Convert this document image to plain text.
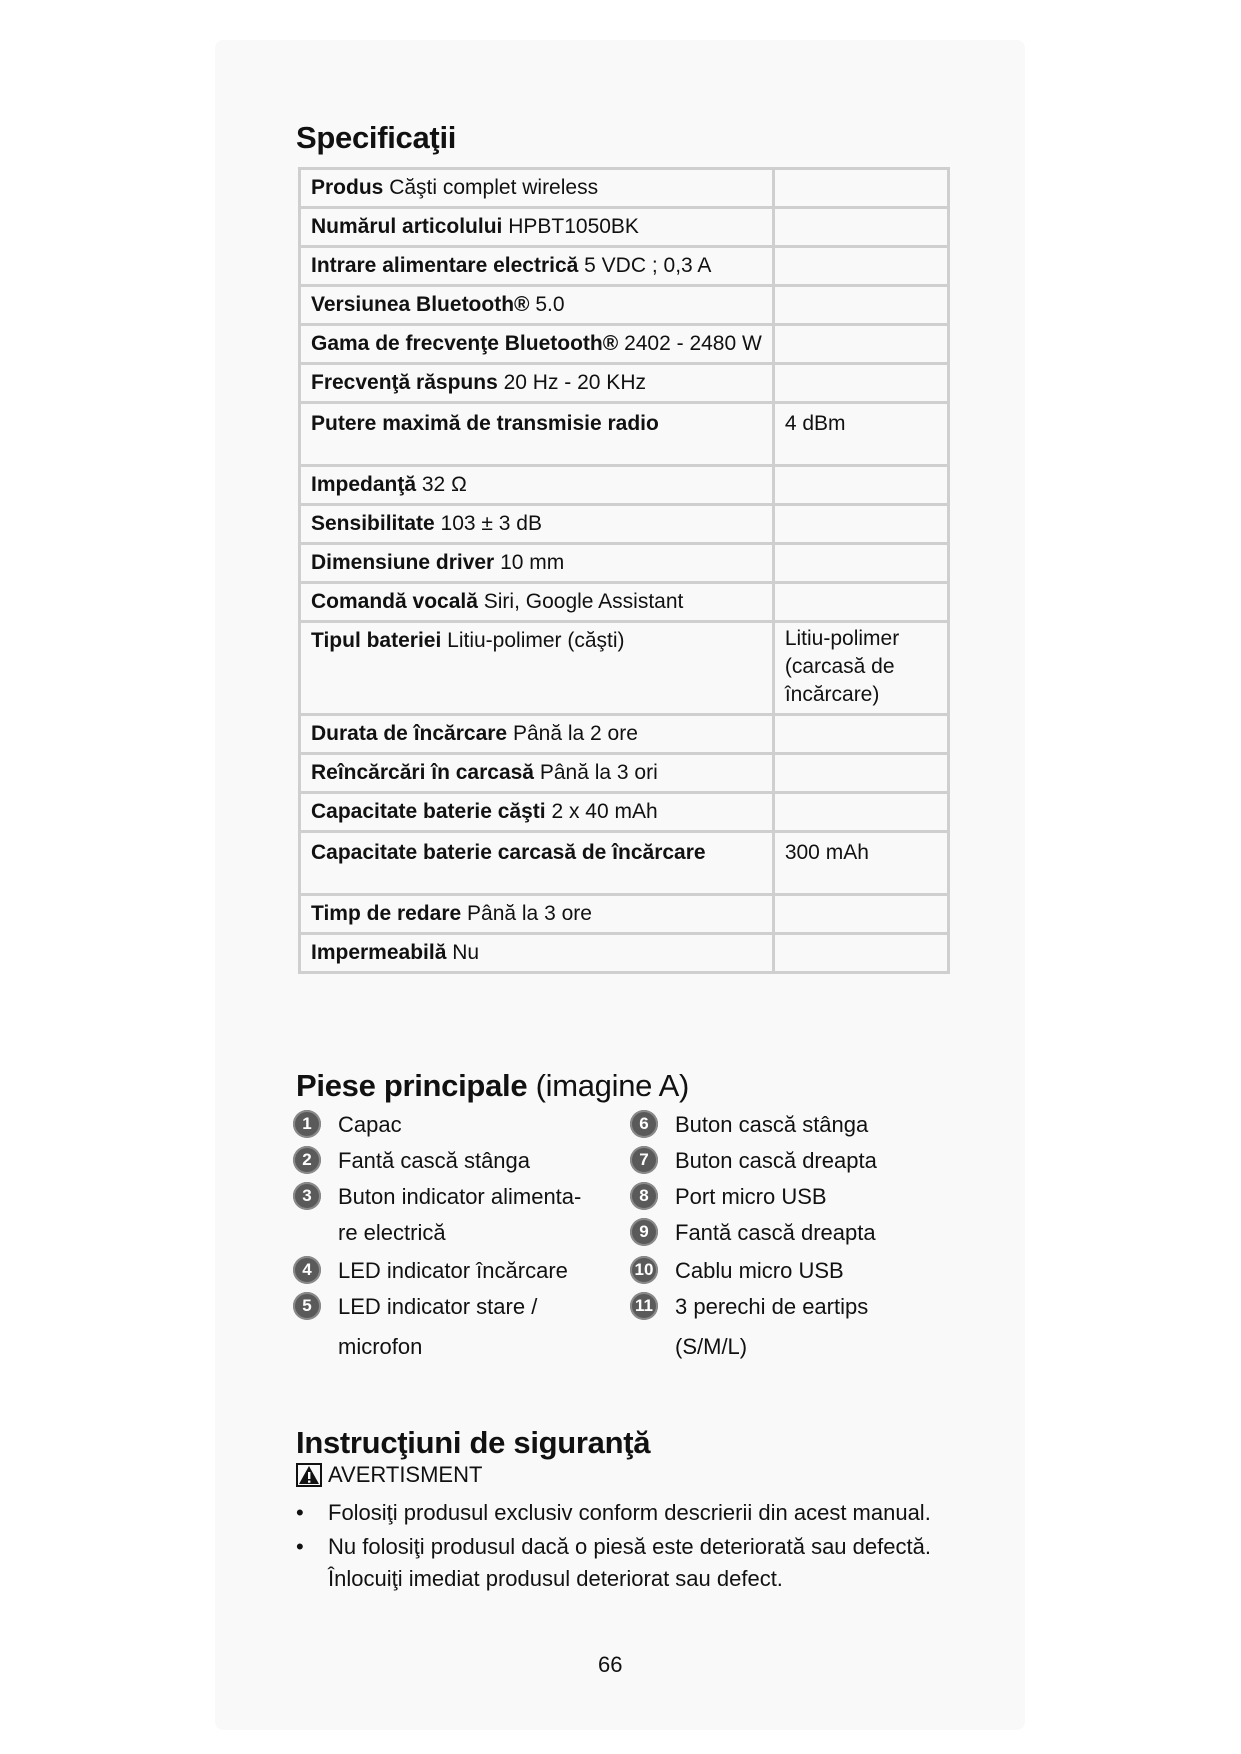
Specificaţii
Produs Căşti complet wireless	
Numărul articolului HPBT1050BK	
Intrare alimentare electrică 5 VDC ; 0,3 A	
Versiunea Bluetooth® 5.0	
Gama de frecvenţe Bluetooth® 2402 - 2480 W	
Frecvenţă răspuns 20 Hz - 20 KHz	
Putere maximă de transmisie radio	4 dBm
Impedanţă 32 Ω	
Sensibilitate 103 ± 3 dB	
Dimensiune driver 10 mm	
Comandă vocală Siri, Google Assistant	
Tipul bateriei Litiu-polimer (căşti)	Litiu-polimer (carcasă de încărcare)
Durata de încărcare Până la 2 ore	
Reîncărcări în carcasă Până la 3 ori	
Capacitate baterie căşti 2 x 40 mAh	
Capacitate baterie carcasă de încărcare	300 mAh
Timp de redare Până la 3 ore	
Impermeabilă Nu	
Piese principale (imagine A)
1	Capac
2	Fantă cască stânga
3	Buton indicator alimenta-
re electrică
4	LED indicator încărcare
5	LED indicator stare /
microfon
6	Buton cască stânga
7	Buton cască dreapta
8	Port micro USB
9	Fantă cască dreapta
10 Cablu micro USB
11 3 perechi de eartips
(S/M/L)
Instrucţiuni de siguranţă
AVERTISMENT
• Folosiţi produsul exclusiv conform descrierii din acest manual.
• Nu folosiţi produsul dacă o piesă este deteriorată sau defectă. Înlocuiţi imediat produsul deteriorat sau defect.
66
